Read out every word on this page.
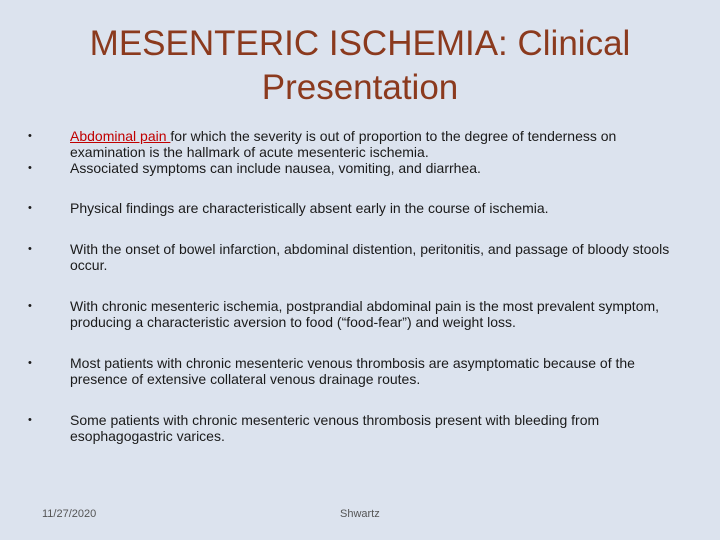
MESENTERIC ISCHEMIA: Clinical
Presentation
•	Abdominal pain for which the severity is out of proportion to the degree of tenderness on examination is the hallmark of acute mesenteric ischemia.
•	Associated symptoms can include nausea, vomiting, and diarrhea.
•	Physical findings are characteristically absent early in the course of ischemia.
•	With the onset of bowel infarction, abdominal distention, peritonitis, and passage of bloody stools occur.
•	With chronic mesenteric ischemia, postprandial abdominal pain is the most prevalent symptom, producing a characteristic aversion to food (“food-fear”) and weight loss.
•	Most patients with chronic mesenteric venous thrombosis are asymptomatic because of the presence of extensive collateral venous drainage routes.
•	Some patients with chronic mesenteric venous thrombosis present with bleeding from esophagogastric varices.
11/27/2020	Shwartz
